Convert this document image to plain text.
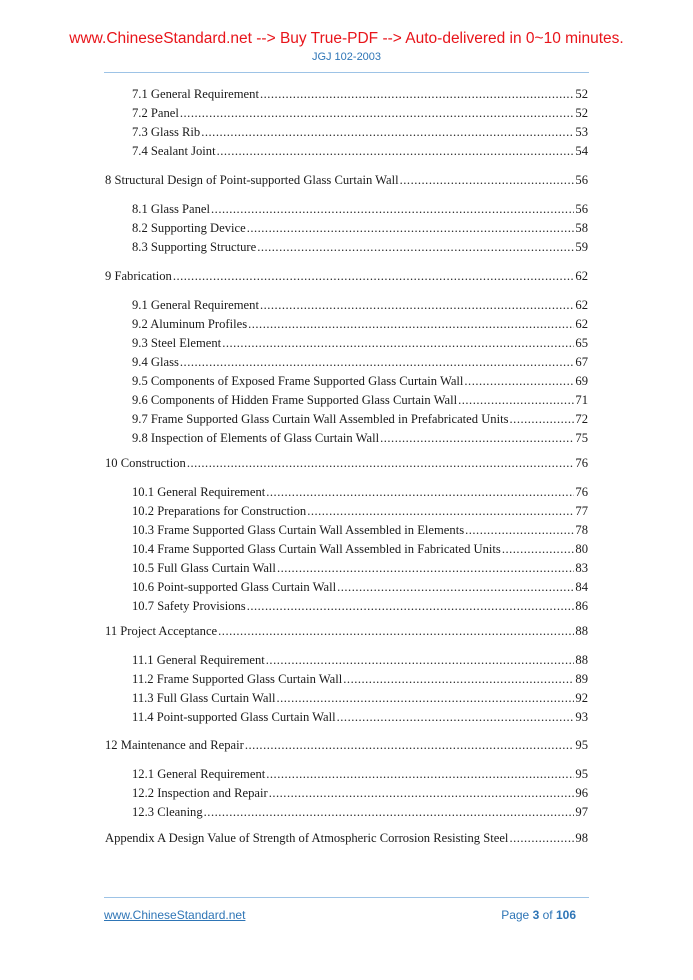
www.ChineseStandard.net --> Buy True-PDF --> Auto-delivered in 0~10 minutes.
JGJ 102-2003
7.1 General Requirement .....	52
7.2 Panel .....	52
7.3 Glass Rib .....	53
7.4 Sealant Joint .....	54
8 Structural Design of Point-supported Glass Curtain Wall .....	56
8.1 Glass Panel .....	56
8.2 Supporting Device .....	58
8.3 Supporting Structure .....	59
9 Fabrication .....	62
9.1 General Requirement .....	62
9.2 Aluminum Profiles .....	62
9.3 Steel Element .....	65
9.4 Glass .....	67
9.5 Components of Exposed Frame Supported Glass Curtain Wall .....	69
9.6 Components of Hidden Frame Supported Glass Curtain Wall .....	71
9.7 Frame Supported Glass Curtain Wall Assembled in Prefabricated Units .....	72
9.8 Inspection of Elements of Glass Curtain Wall .....	75
10 Construction .....	76
10.1 General Requirement .....	76
10.2 Preparations for Construction .....	77
10.3 Frame Supported Glass Curtain Wall Assembled in Elements .....	78
10.4 Frame Supported Glass Curtain Wall Assembled in Fabricated Units .....	80
10.5 Full Glass Curtain Wall .....	83
10.6 Point-supported Glass Curtain Wall .....	84
10.7 Safety Provisions .....	86
11 Project Acceptance .....	88
11.1 General Requirement .....	88
11.2 Frame Supported Glass Curtain Wall .....	89
11.3 Full Glass Curtain Wall .....	92
11.4 Point-supported Glass Curtain Wall .....	93
12 Maintenance and Repair .....	95
12.1 General Requirement .....	95
12.2 Inspection and Repair .....	96
12.3 Cleaning .....	97
Appendix A Design Value of Strength of Atmospheric Corrosion Resisting Steel .....	98
www.ChineseStandard.net	Page 3 of 106
